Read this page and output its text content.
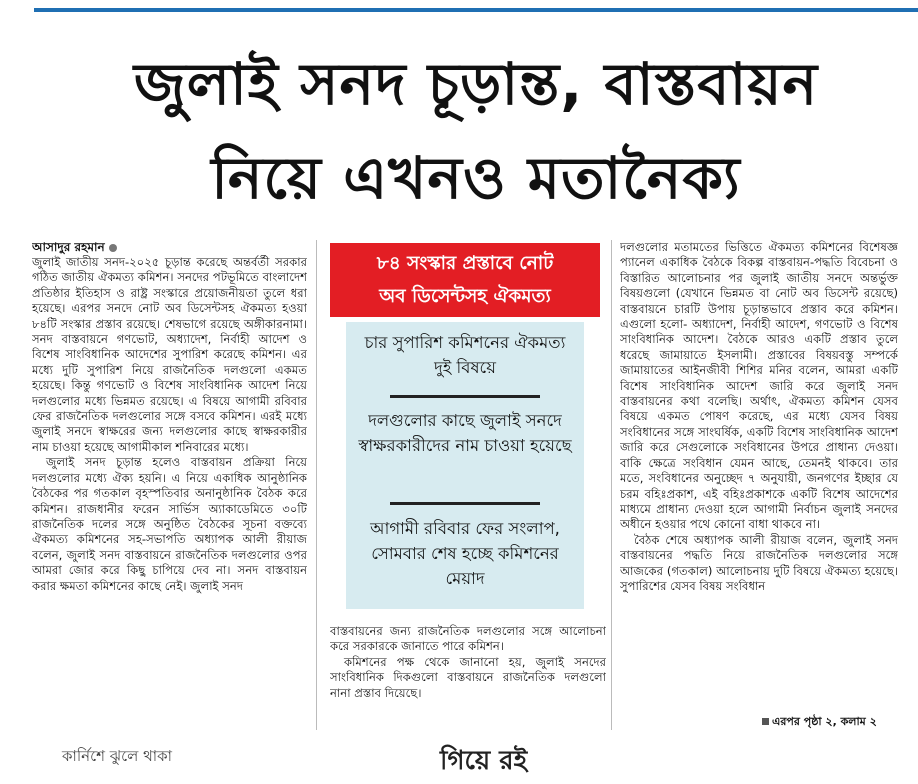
জুলাই সনদ চূড়ান্ত, বাস্তবায়ন
নিয়ে এখনও মতানৈক্য
আসাদুর রহমান

জুলাই জাতীয় সনদ-২০২৫ চূড়ান্ত করেছে অন্তর্বর্তী সরকার গঠিত জাতীয় ঐকমত্য কমিশন। সনদের পটভূমিতে বাংলাদেশ প্রতিষ্ঠার ইতিহাস ও রাষ্ট্র সংস্কারে প্রয়োজনীয়তা তুলে ধরা হয়েছে। এরপর সনদে নোট অব ডিসেন্টসহ ঐকমত্য হওয়া ৮৪টি সংস্কার প্রস্তাব রয়েছে। শেষভাগে রয়েছে অঙ্গীকারনামা। সনদ বাস্তবায়নে গণভোট, অধ্যাদেশ, নির্বাহী আদেশ ও বিশেষ সাংবিধানিক আদেশের সুপারিশ করেছে কমিশন। এর মধ্যে দুটি সুপারিশ নিয়ে রাজনৈতিক দলগুলো একমত হয়েছে। কিন্তু গণভোট ও বিশেষ সাংবিধানিক আদেশ নিয়ে দলগুলোর মধ্যে ভিন্নমত রয়েছে। এ বিষয়ে আগামী রবিবার ফের রাজনৈতিক দলগুলোর সঙ্গে বসবে কমিশন। এরই মধ্যে জুলাই সনদে স্বাক্ষরের জন্য দলগুলোর কাছে স্বাক্ষরকারীর নাম চাওয়া হয়েছে আগামীকাল শনিবারের মধ্যে।

জুলাই সনদ চূড়ান্ত হলেও বাস্তবায়ন প্রক্রিয়া নিয়ে দলগুলোর মধ্যে ঐক্য হয়নি। এ নিয়ে একাধিক আনুষ্ঠানিক বৈঠকের পর গতকাল বৃহস্পতিবার অনানুষ্ঠানিক বৈঠক করে কমিশন। রাজধানীর ফরেন সার্ভিস অ্যাকাডেমিতে ৩০টি রাজনৈতিক দলের সঙ্গে অনুষ্ঠিত বৈঠকের সূচনা বক্তব্যে ঐকমত্য কমিশনের সহ-সভাপতি অধ্যাপক আলী রীয়াজ বলেন, জুলাই সনদ বাস্তবায়নে রাজনৈতিক দলগুলোর ওপর আমরা জোর করে কিছু চাপিয়ে দেব না। সনদ বাস্তবায়ন করার ক্ষমতা কমিশনের কাছে নেই। জুলাই সনদ

৮৪ সংস্কার প্রস্তাবে নোট
অব ডিসেন্টসহ ঐকমত্য
চার সুপারিশ কমিশনের ঐকমত্য দুই বিষয়ে
দলগুলোর কাছে জুলাই সনদে স্বাক্ষরকারীদের নাম চাওয়া হয়েছে
আগামী রবিবার ফের সংলাপ, সোমবার শেষ হচ্ছে কমিশনের মেয়াদ

বাস্তবায়নের জন্য রাজনৈতিক দলগুলোর সঙ্গে আলোচনা করে সরকারকে জানাতে পারে কমিশন।

কমিশনের পক্ষ থেকে জানানো হয়, জুলাই সনদের সাংবিধানিক দিকগুলো বাস্তবায়নে রাজনৈতিক দলগুলো নানা প্রস্তাব দিয়েছে।

দলগুলোর মতামতের ভিত্তিতে ঐকমত্য কমিশনের বিশেষজ্ঞ প্যানেল একাধিক বৈঠকে বিকল্প বাস্তবায়ন-পদ্ধতি বিবেচনা ও বিস্তারিত আলোচনার পর জুলাই জাতীয় সনদে অন্তর্ভুক্ত বিষয়গুলো (যেখানে ভিন্নমত বা নোট অব ডিসেন্ট রয়েছে) বাস্তবায়নে চারটি উপায় চূড়ান্তভাবে প্রস্তাব করে কমিশন। এগুলো হলো- অধ্যাদেশ, নির্বাহী আদেশ, গণভোট ও বিশেষ সাংবিধানিক আদেশ। বৈঠকে আরও একটি প্রস্তাব তুলে ধরেছে জামায়াতে ইসলামী। প্রস্তাবের বিষয়বস্তু সম্পর্কে জামায়াতের আইনজীবী শিশির মনির বলেন, আমরা একটি বিশেষ সাংবিধানিক আদেশ জারি করে জুলাই সনদ বাস্তবায়নের কথা বলেছি। অর্থাৎ, ঐকমত্য কমিশন যেসব বিষয়ে একমত পোষণ করেছে, এর মধ্যে যেসব বিষয় সংবিধানের সঙ্গে সাংঘর্ষিক, একটি বিশেষ সাংবিধানিক আদেশ জারি করে সেগুলোকে সংবিধানের উপরে প্রাধান্য দেওয়া। বাকি ক্ষেত্রে সংবিধান যেমন আছে, তেমনই থাকবে। তার মতে, সংবিধানের অনুচ্ছেদ ৭ অনুযায়ী, জনগণের ইচ্ছার যে চরম বহিঃপ্রকাশ, এই বহিঃপ্রকাশকে একটি বিশেষ আদেশের মাধ্যমে প্রাধান্য দেওয়া হলে আগামী নির্বাচন জুলাই সনদের অধীনে হওয়ার পথে কোনো বাধা থাকবে না।

বৈঠক শেষে অধ্যাপক আলী রীয়াজ বলেন, জুলাই সনদ বাস্তবায়নের পদ্ধতি নিয়ে রাজনৈতিক দলগুলোর সঙ্গে আজকের (গতকাল) আলোচনায় দুটি বিষয়ে ঐকমত্য হয়েছে। সুপারিশের যেসব বিষয় সংবিধান

এরপর পৃষ্ঠা ২, কলাম ২
কার্নিশে ঝুলে থাকা	গিয়ে রই
